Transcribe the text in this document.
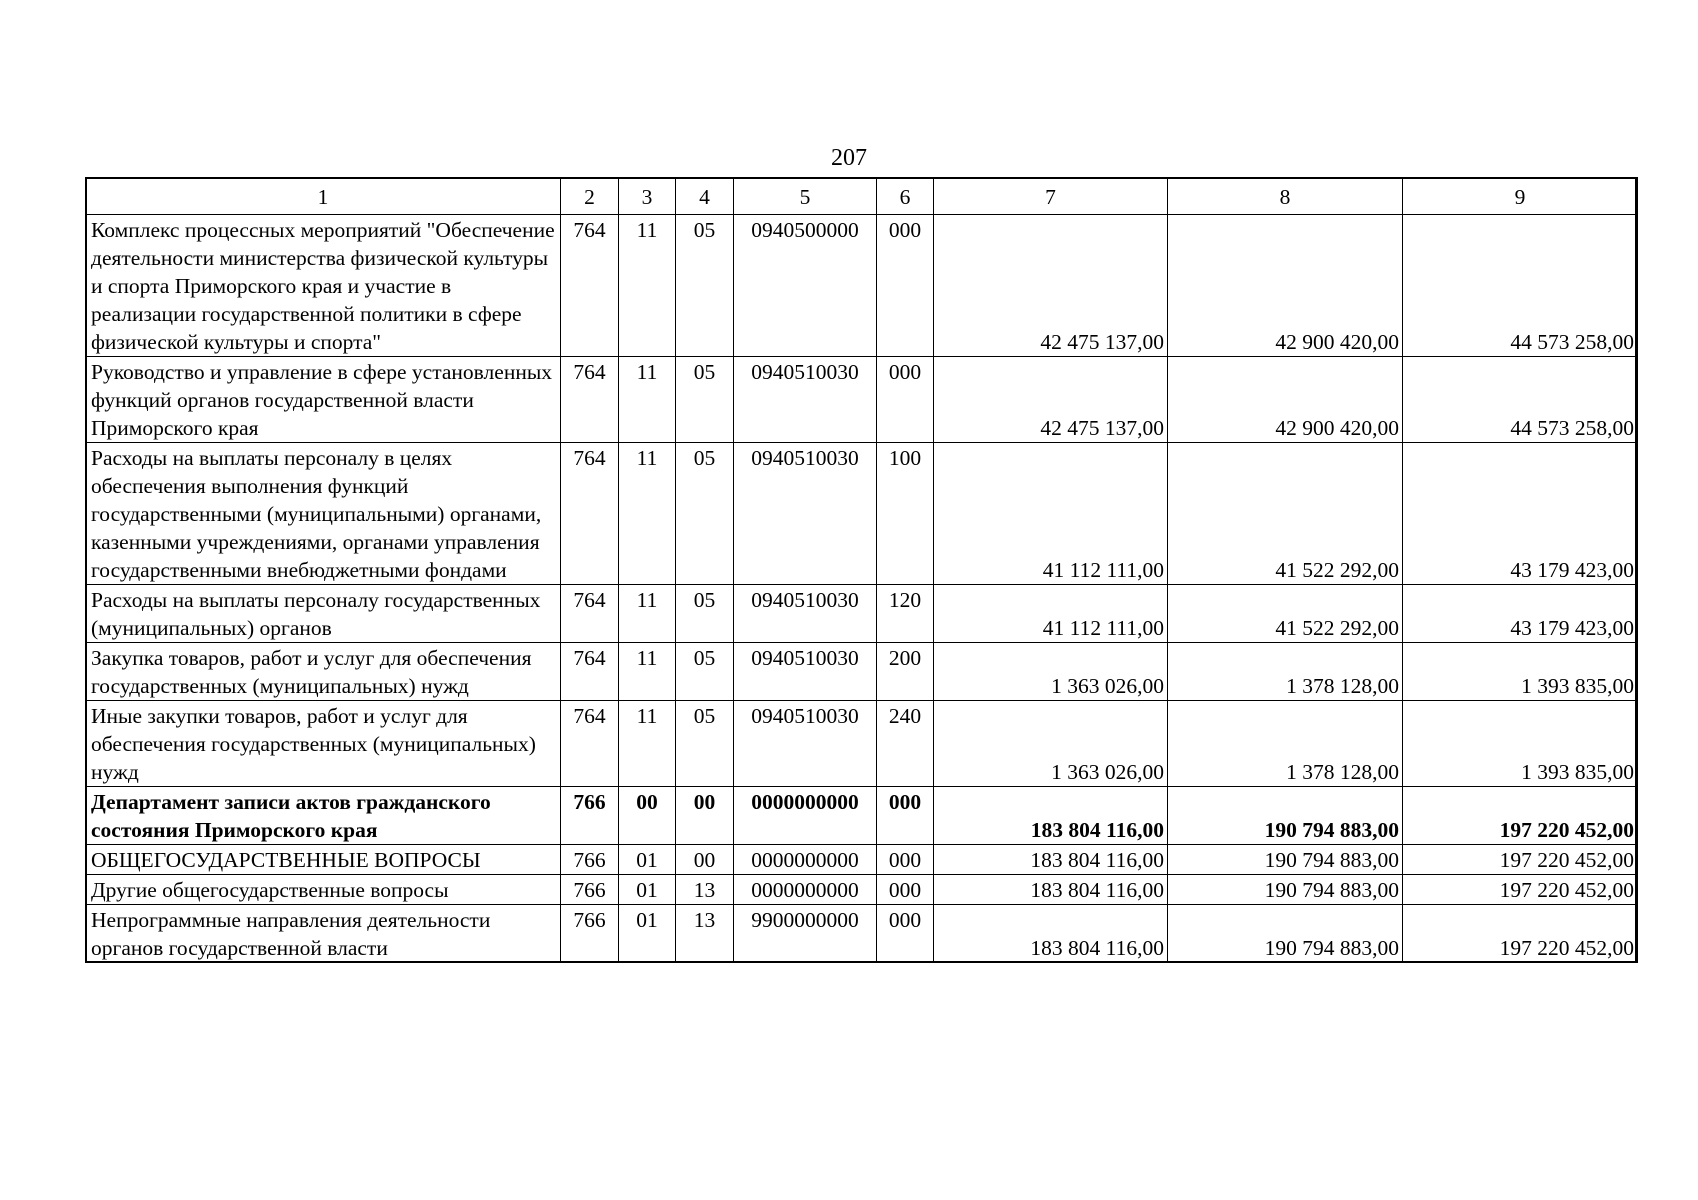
207
1	2	3	4	5	6	7	8	9
Комплекс процессных мероприятий "Обеспечение деятельности министерства физической культуры и спорта Приморского края и участие в реализации государственной политики в сфере физической культуры и спорта"	764	11	05	0940500000	000	42 475 137,00	42 900 420,00	44 573 258,00
Руководство и управление в сфере установленных функций органов государственной власти Приморского края	764	11	05	0940510030	000	42 475 137,00	42 900 420,00	44 573 258,00
Расходы на выплаты персоналу в целях обеспечения выполнения функций государственными (муниципальными) органами, казенными учреждениями, органами управления государственными внебюджетными фондами	764	11	05	0940510030	100	41 112 111,00	41 522 292,00	43 179 423,00
Расходы на выплаты персоналу государственных (муниципальных) органов	764	11	05	0940510030	120	41 112 111,00	41 522 292,00	43 179 423,00
Закупка товаров, работ и услуг для обеспечения государственных (муниципальных) нужд	764	11	05	0940510030	200	1 363 026,00	1 378 128,00	1 393 835,00
Иные закупки товаров, работ и услуг для обеспечения государственных (муниципальных) нужд	764	11	05	0940510030	240	1 363 026,00	1 378 128,00	1 393 835,00
Департамент записи актов гражданского состояния Приморского края	766	00	00	0000000000	000	183 804 116,00	190 794 883,00	197 220 452,00
ОБЩЕГОСУДАРСТВЕННЫЕ ВОПРОСЫ	766	01	00	0000000000	000	183 804 116,00	190 794 883,00	197 220 452,00
Другие общегосударственные вопросы	766	01	13	0000000000	000	183 804 116,00	190 794 883,00	197 220 452,00
Непрограммные направления деятельности органов государственной власти	766	01	13	9900000000	000	183 804 116,00	190 794 883,00	197 220 452,00
